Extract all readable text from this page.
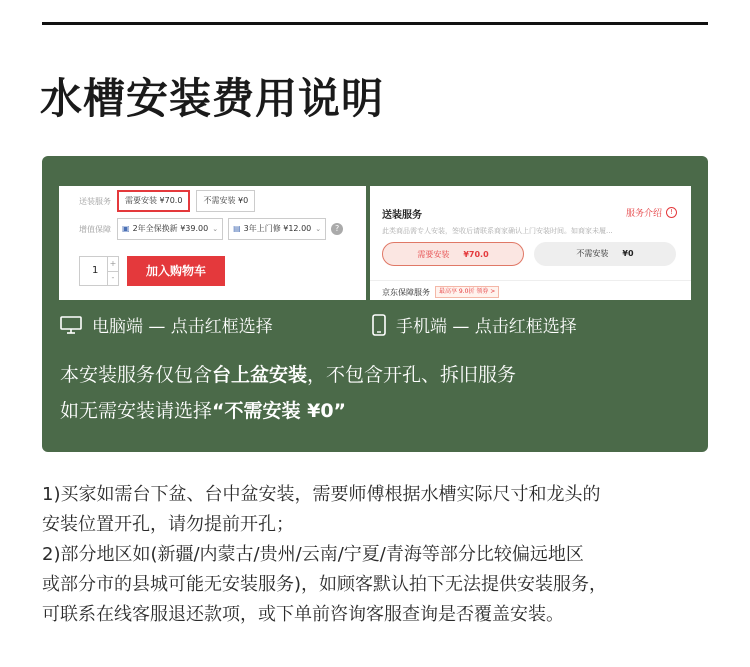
水槽安装费用说明
送装服务	需要安装 ¥70.0	不需安装 ¥0
增值保障	▣ 2年全保换新 ¥39.00 ⌄ ▤ 3年上门修 ¥12.00 ⌄	?
1
+
-	加入购物车
送装服务	服务介绍	!
此类商品需专人安装，签收后请联系商家确认上门安装时间。如商家未履...
需要安装 ¥70.0	不需安装 ¥0
京东保障服务	最高享 9.0折 领券 >
电脑端 — 点击红框选择	手机端 — 点击红框选择
本安装服务仅包含台上盆安装，不包含开孔、拆旧服务
如无需安装请选择“不需安装 ¥0”
1)买家如需台下盆、台中盆安装，需要师傅根据水槽实际尺寸和龙头的
安装位置开孔，请勿提前开孔；
2)部分地区如(新疆/内蒙古/贵州/云南/宁夏/青海等部分比较偏远地区
或部分市的县城可能无安装服务)，如顾客默认拍下无法提供安装服务，
可联系在线客服退还款项，或下单前咨询客服查询是否覆盖安装。
